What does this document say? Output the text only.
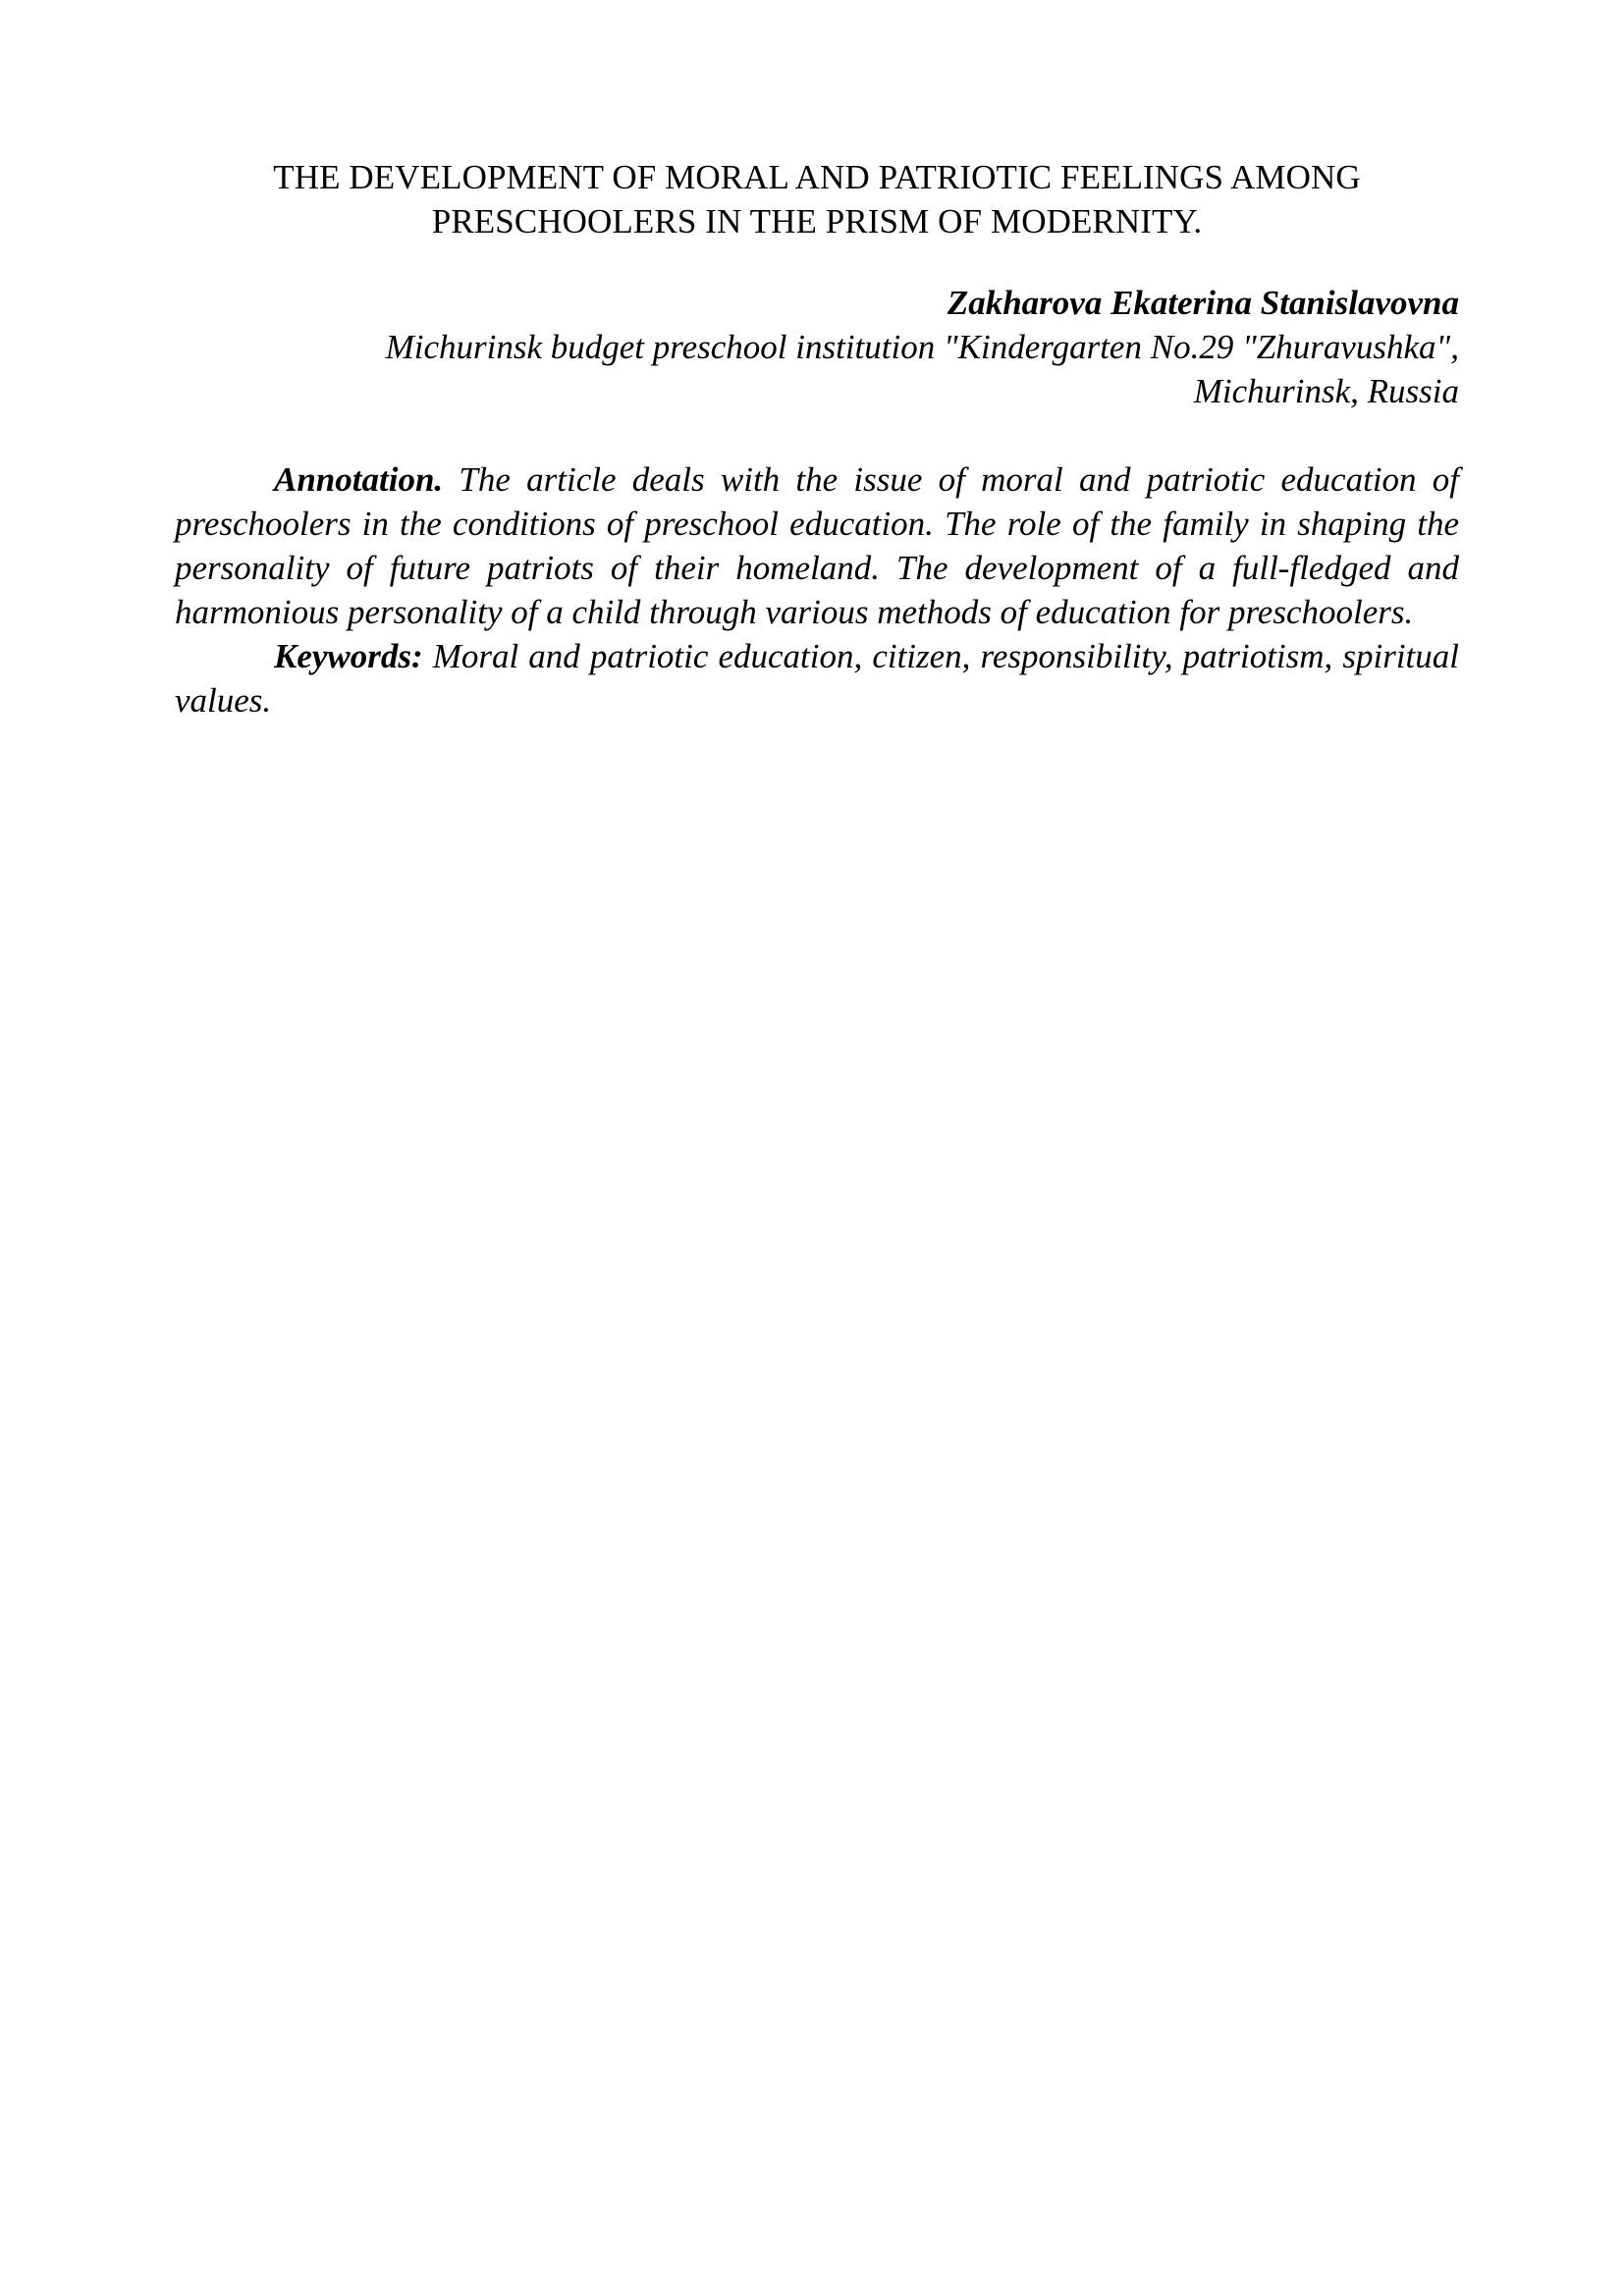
THE DEVELOPMENT OF MORAL AND PATRIOTIC FEELINGS AMONG
PRESCHOOLERS IN THE PRISM OF MODERNITY.
Zakharova Ekaterina Stanislavovna
Michurinsk budget preschool institution "Kindergarten No.29 "Zhuravushka",
Michurinsk, Russia

Annotation. The article deals with the issue of moral and patriotic education of preschoolers in the conditions of preschool education. The role of the family in shaping the personality of future patriots of their homeland. The development of a full-fledged and harmonious personality of a child through various methods of education for preschoolers.

Keywords: Moral and patriotic education, citizen, responsibility, patriotism, spiritual values.
